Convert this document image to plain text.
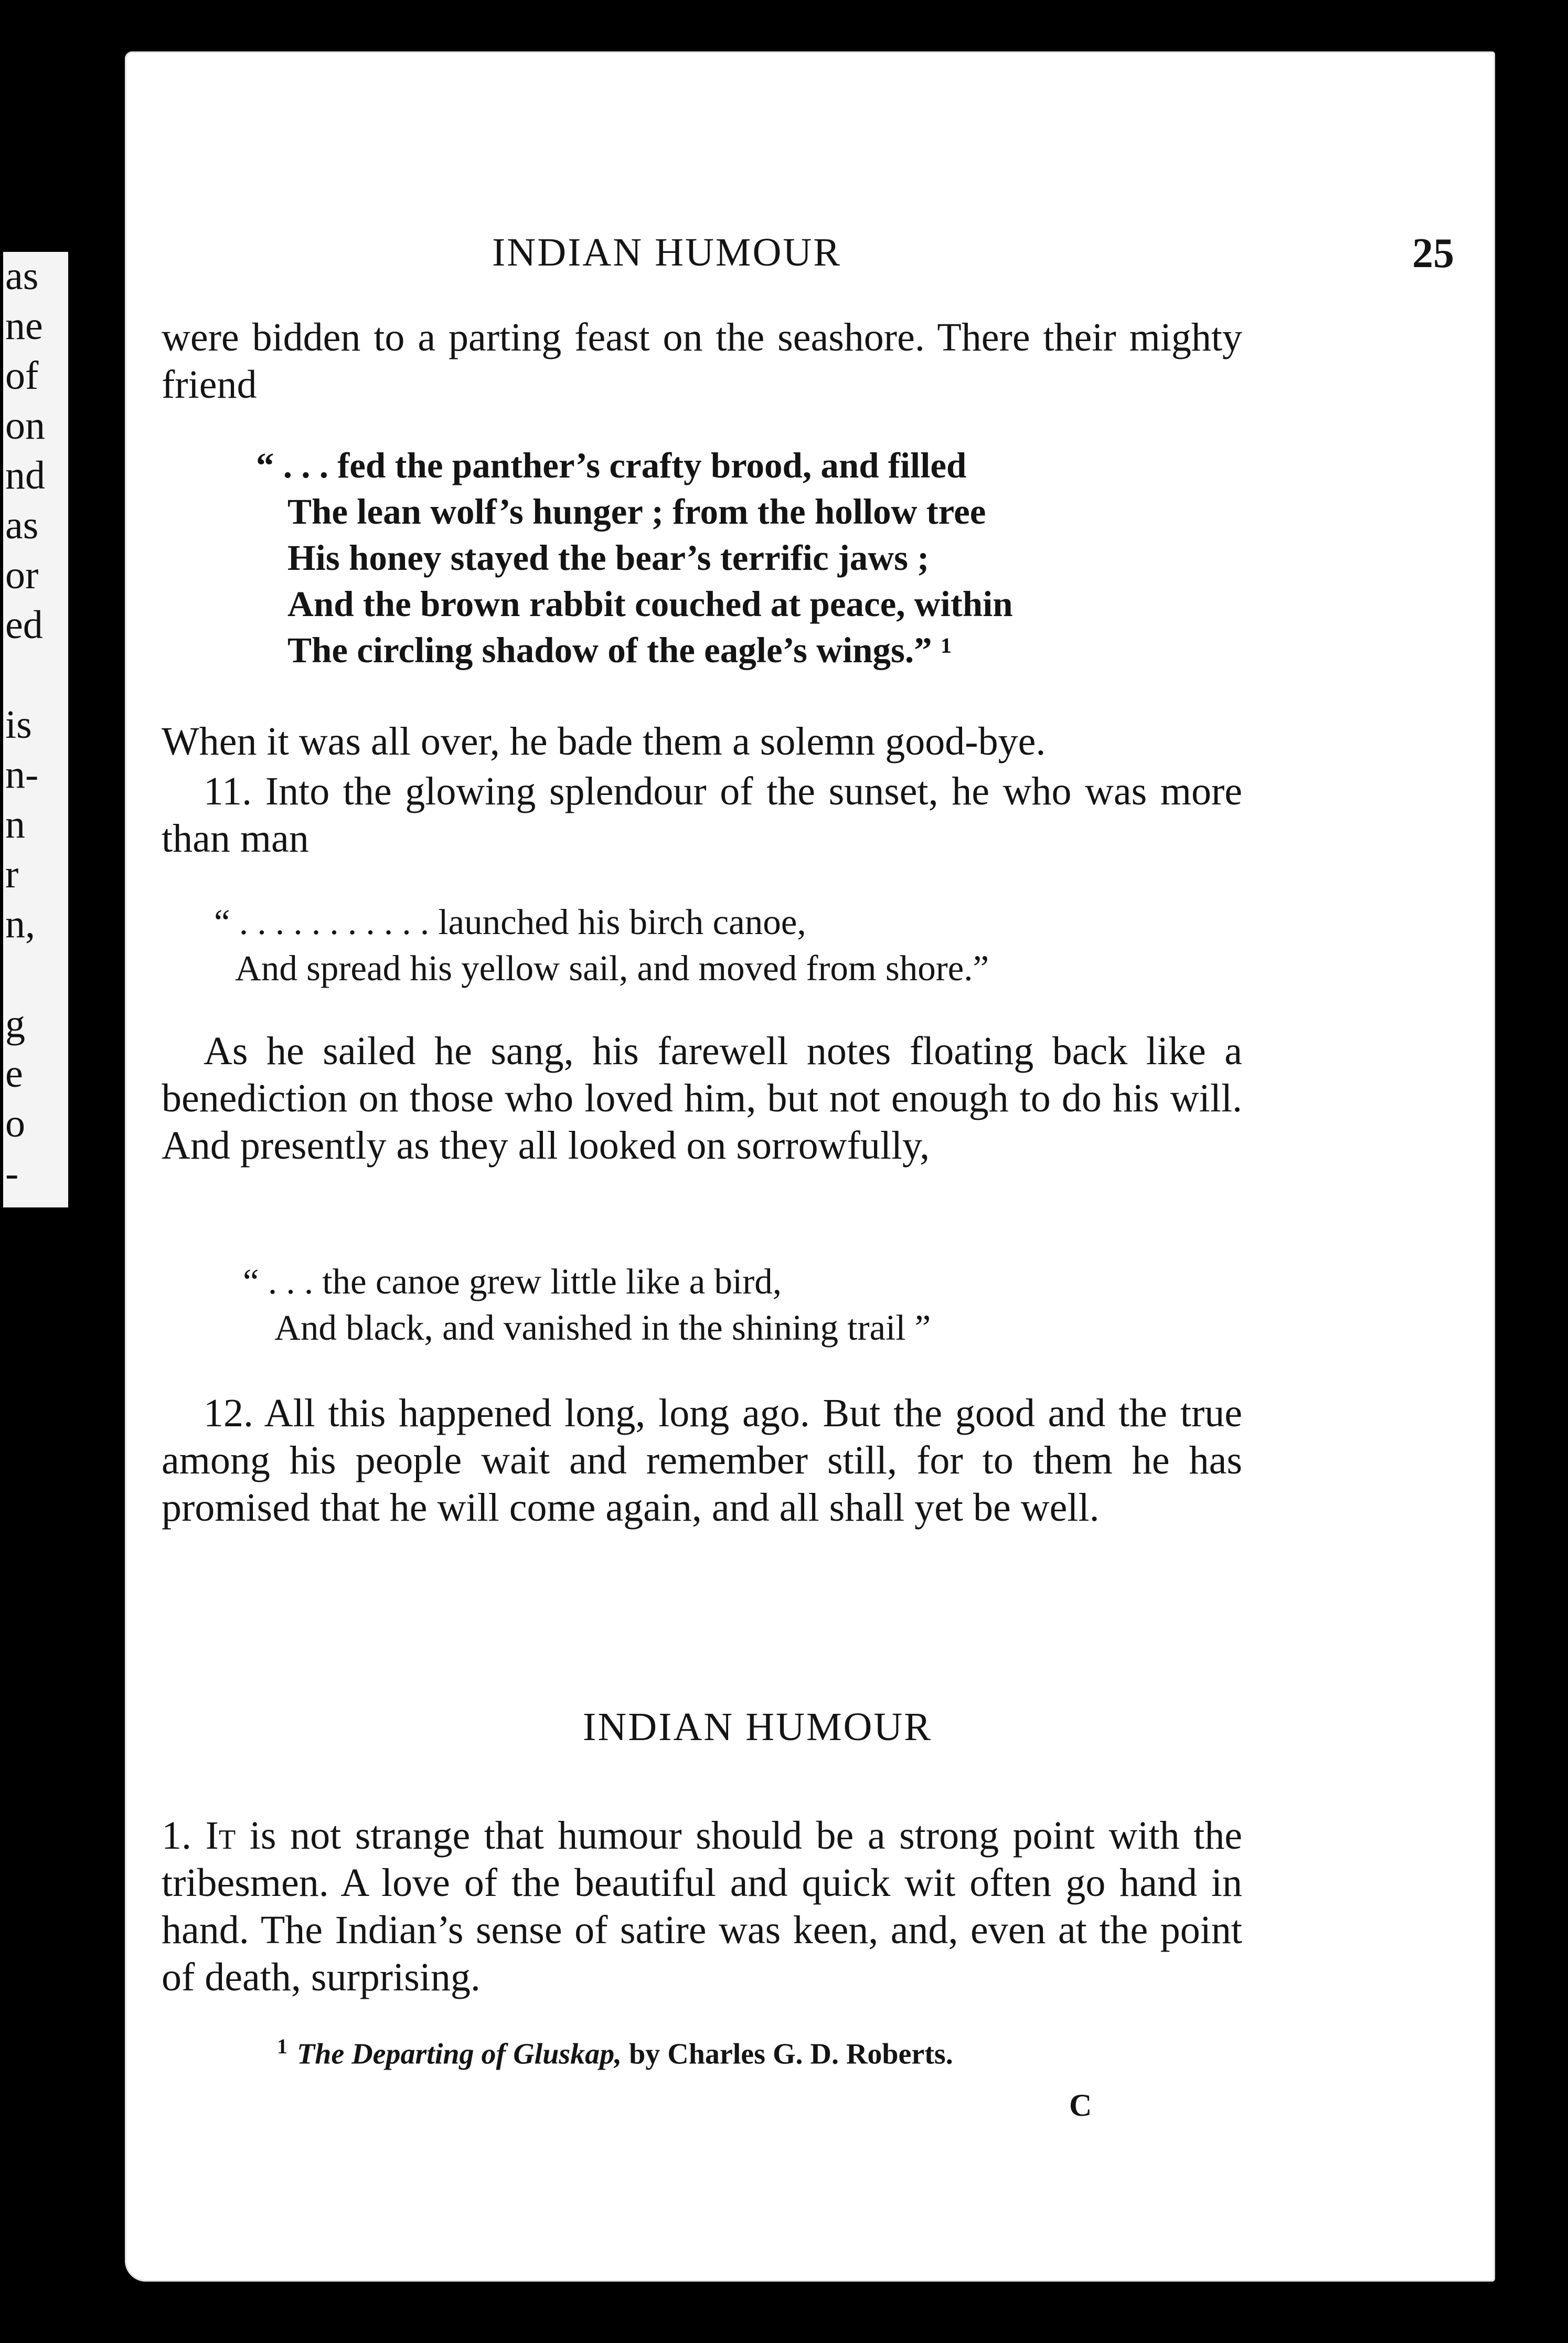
as
ne
of
on
nd
as
or
ed
is
n-
n
r
n,
g
e
o
-
INDIAN HUMOUR	25

were bidden to a parting feast on the seashore. There their mighty friend

“ . . . fed the panther’s crafty brood, and filled
The lean wolf’s hunger ; from the hollow tree
His honey stayed the bear’s terrific jaws ;
And the brown rabbit couched at peace, within
The circling shadow of the eagle’s wings.” ¹

When it was all over, he bade them a solemn good-bye.

11. Into the glowing splendour of the sunset, he who was more than man

“ . . . . . . . . . . . launched his birch canoe,
And spread his yellow sail, and moved from shore.”

As he sailed he sang, his farewell notes floating back like a benediction on those who loved him, but not enough to do his will. And presently as they all looked on sorrowfully,

“ . . . the canoe grew little like a bird,
And black, and vanished in the shining trail ”

12. All this happened long, long ago. But the good and the true among his people wait and remember still, for to them he has promised that he will come again, and all shall yet be well.

INDIAN HUMOUR

1. It is not strange that humour should be a strong point with the tribesmen. A love of the beautiful and quick wit often go hand in hand. The Indian’s sense of satire was keen, and, even at the point of death, surprising.

$^1$ The Departing of Gluskap, by Charles G. D. Roberts.
C
